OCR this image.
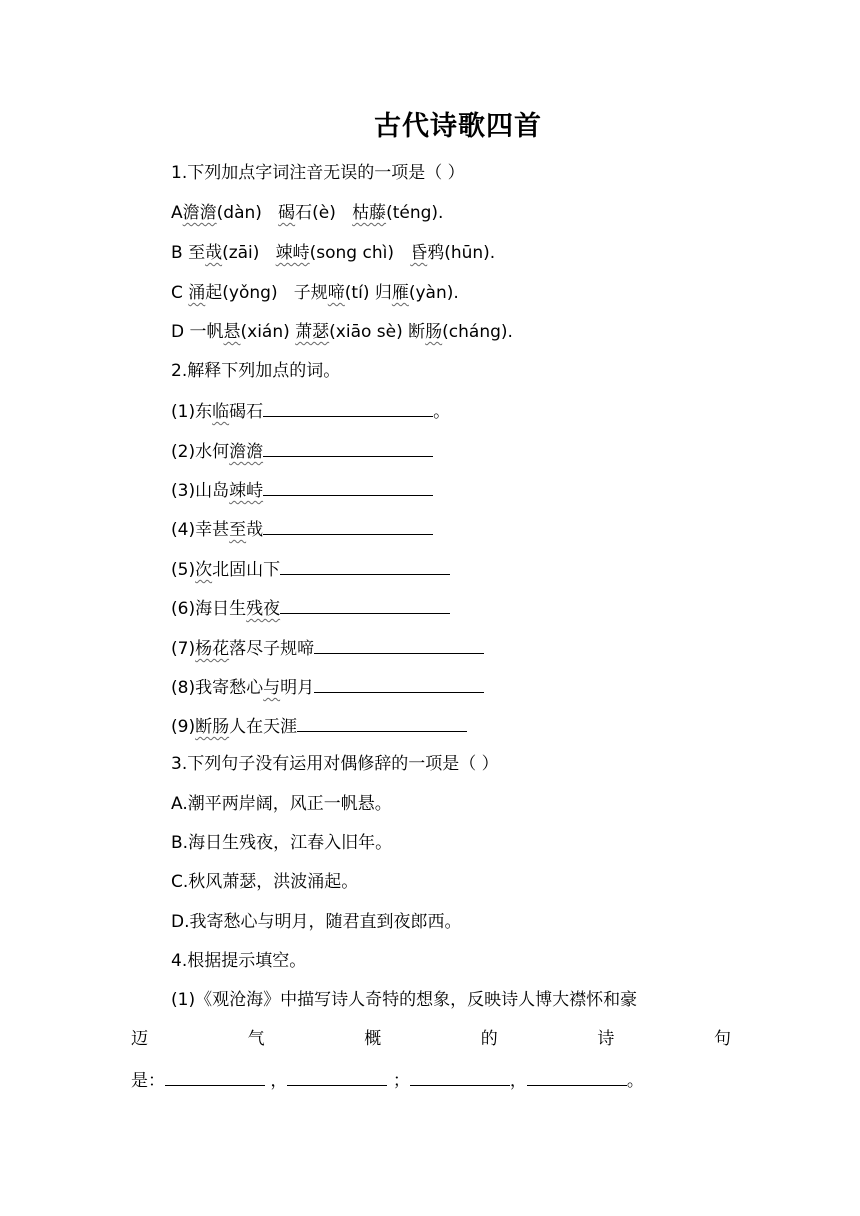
古代诗歌四首
1.下列加点字词注音无误的一项是（ ）
A澹澹(dàn) 碣石(è) 枯藤(téng).
B 至哉(zāi) 竦峙(song chì) 昏鸦(hūn).
C 涌起(yǒng) 子规啼(tí) 归雁(yàn).
D 一帆悬(xián) 萧瑟(xiāo sè) 断肠(cháng).
2.解释下列加点的词。
(1)东临碣石	。
(2)水何澹澹
(3)山岛竦峙
(4)幸甚至哉
(5)次北固山下
(6)海日生残夜
(7)杨花落尽子规啼
(8)我寄愁心与明月
(9)断肠人在天涯
3.下列句子没有运用对偶修辞的一项是（ ）
A.潮平两岸阔，风正一帆悬。
B.海日生残夜，江春入旧年。
C.秋风萧瑟，洪波涌起。
D.我寄愁心与明月，随君直到夜郎西。
4.根据提示填空。
(1)《观沧海》中描写诗人奇特的想象，反映诗人博大襟怀和豪
迈	气	概	的	诗	句
是：	，	；	，	。
